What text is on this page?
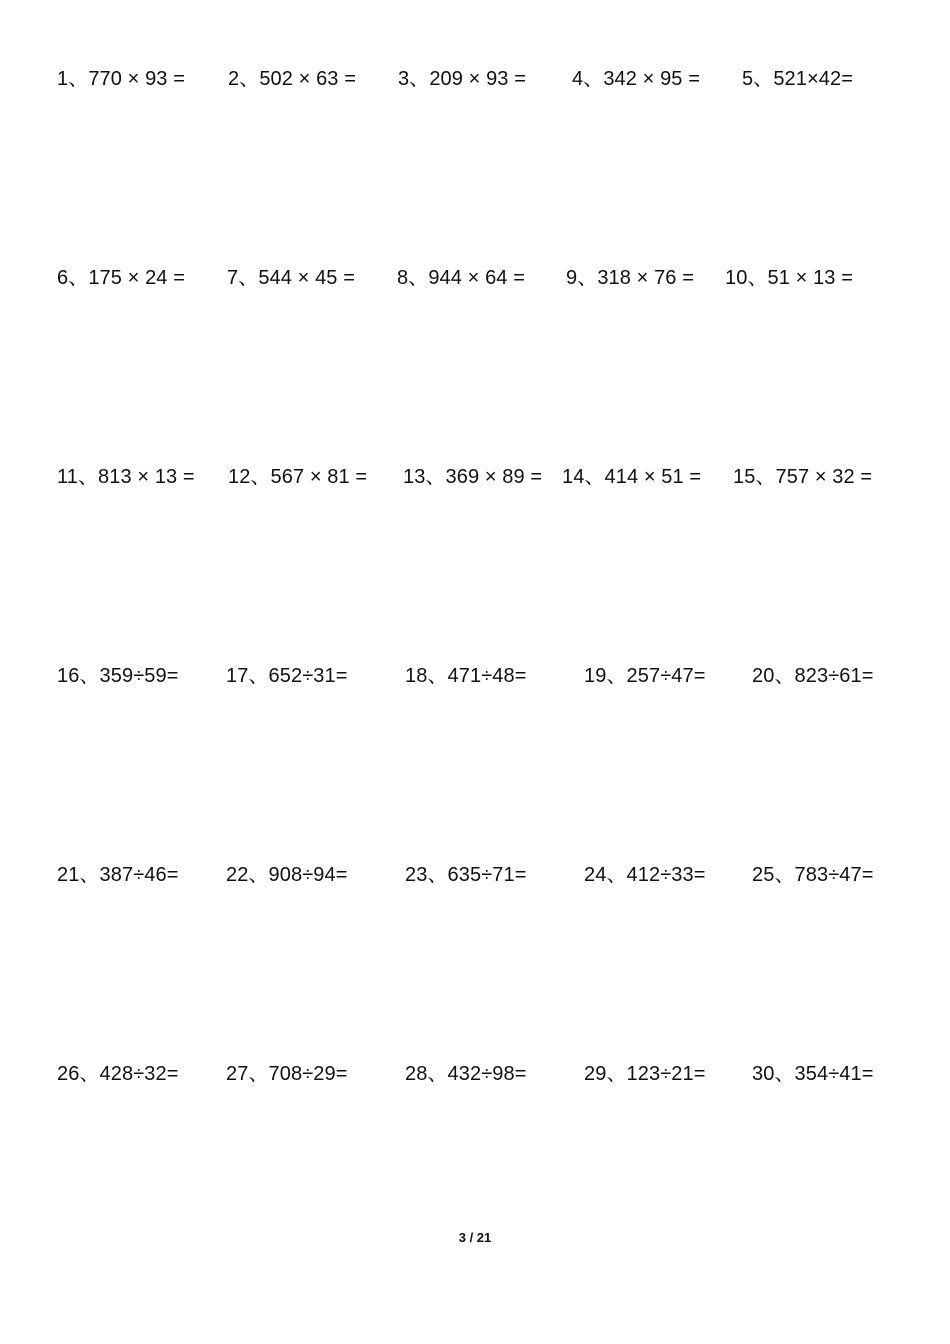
1、770 × 93 = 2、502 × 63 = 3、209 × 93 = 4、342 × 95 = 5、521×42=
6、175 × 24 = 7、544 × 45 = 8、944 × 64 = 9、318 × 76 = 10、51 × 13 =
11、813 × 13 = 12、567 × 81 = 13、369 × 89 = 14、414 × 51 = 15、757 × 32 =
16、359÷59= 17、652÷31=	18、471÷48=	19、257÷47= 20、823÷61=
21、387÷46= 22、908÷94=	23、635÷71=	24、412÷33= 25、783÷47=
26、428÷32= 27、708÷29=	28、432÷98=	29、123÷21= 30、354÷41=
3 / 21
